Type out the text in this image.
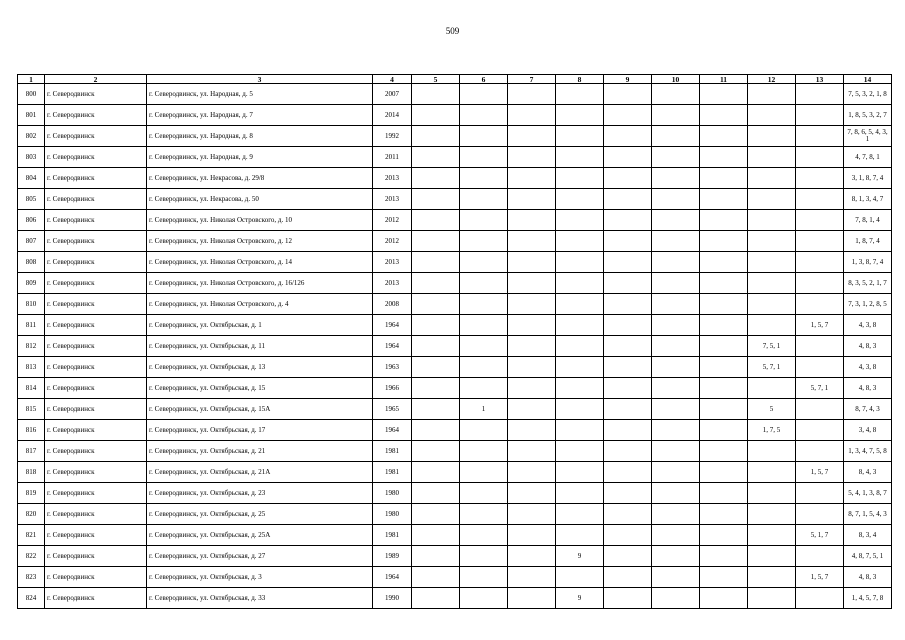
509
1	2	3	4	5	6	7	8	9	10	11	12	13	14
800	г. Северодвинск	г. Северодвинск, ул. Народная, д. 5	2007										7, 5, 3, 2, 1, 8
801	г. Северодвинск	г. Северодвинск, ул. Народная, д. 7	2014										1, 8, 5, 3, 2, 7
802	г. Северодвинск	г. Северодвинск, ул. Народная, д. 8	1992										7, 8, 6, 5, 4, 3, 1
803	г. Северодвинск	г. Северодвинск, ул. Народная, д. 9	2011										4, 7, 8, 1
804	г. Северодвинск	г. Северодвинск, ул. Некрасова, д. 29/8	2013										3, 1, 8, 7, 4
805	г. Северодвинск	г. Северодвинск, ул. Некрасова, д. 50	2013										8, 1, 3, 4, 7
806	г. Северодвинск	г. Северодвинск, ул. Николая Островского, д. 10	2012										7, 8, 1, 4
807	г. Северодвинск	г. Северодвинск, ул. Николая Островского, д. 12	2012										1, 8, 7, 4
808	г. Северодвинск	г. Северодвинск, ул. Николая Островского, д. 14	2013										1, 3, 8, 7, 4
809	г. Северодвинск	г. Северодвинск, ул. Николая Островского, д. 16/126	2013										8, 3, 5, 2, 1, 7
810	г. Северодвинск	г. Северодвинск, ул. Николая Островского, д. 4	2008										7, 3, 1, 2, 8, 5
811	г. Северодвинск	г. Северодвинск, ул. Октябрьская, д. 1	1964									1, 5, 7	4, 3, 8
812	г. Северодвинск	г. Северодвинск, ул. Октябрьская, д. 11	1964								7, 5, 1		4, 8, 3
813	г. Северодвинск	г. Северодвинск, ул. Октябрьская, д. 13	1963								5, 7, 1		4, 3, 8
814	г. Северодвинск	г. Северодвинск, ул. Октябрьская, д. 15	1966									5, 7, 1	4, 8, 3
815	г. Северодвинск	г. Северодвинск, ул. Октябрьская, д. 15А	1965		1						5		8, 7, 4, 3
816	г. Северодвинск	г. Северодвинск, ул. Октябрьская, д. 17	1964								1, 7, 5		3, 4, 8
817	г. Северодвинск	г. Северодвинск, ул. Октябрьская, д. 21	1981										1, 3, 4, 7, 5, 8
818	г. Северодвинск	г. Северодвинск, ул. Октябрьская, д. 21А	1981									1, 5, 7	8, 4, 3
819	г. Северодвинск	г. Северодвинск, ул. Октябрьская, д. 23	1980										5, 4, 1, 3, 8, 7
820	г. Северодвинск	г. Северодвинск, ул. Октябрьская, д. 25	1980										8, 7, 1, 5, 4, 3
821	г. Северодвинск	г. Северодвинск, ул. Октябрьская, д. 25А	1981									5, 1, 7	8, 3, 4
822	г. Северодвинск	г. Северодвинск, ул. Октябрьская, д. 27	1989				9						4, 8, 7, 5, 1
823	г. Северодвинск	г. Северодвинск, ул. Октябрьская, д. 3	1964									1, 5, 7	4, 8, 3
824	г. Северодвинск	г. Северодвинск, ул. Октябрьская, д. 33	1990				9						1, 4, 5, 7, 8
